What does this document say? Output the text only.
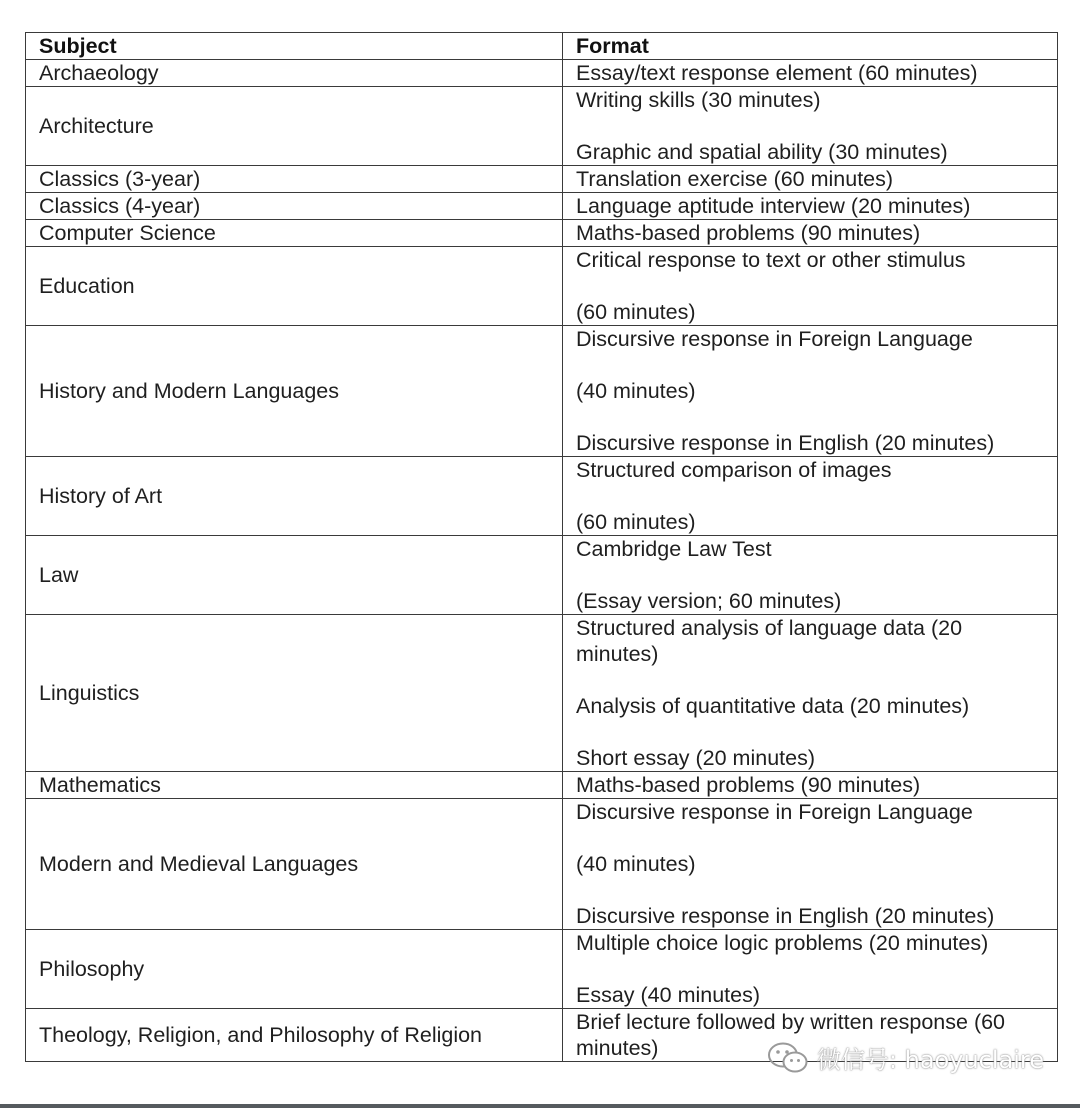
Subject	Format
Archaeology	Essay/text response element (60 minutes)

Architecture	Writing skills (30 minutes)

Graphic and spatial ability (30 minutes)

Classics (3-year)	Translation exercise (60 minutes)

Classics (4-year)	Language aptitude interview (20 minutes)

Computer Science	Maths-based problems (90 minutes)

Education	Critical response to text or other stimulus

(60 minutes)

History and Modern Languages	Discursive response in Foreign Language

(40 minutes)

Discursive response in English (20 minutes)

History of Art	Structured comparison of images

(60 minutes)

Law	Cambridge Law Test

(Essay version; 60 minutes)

Linguistics	Structured analysis of language data (20 minutes)

Analysis of quantitative data (20 minutes)

Short essay (20 minutes)

Mathematics	Maths-based problems (90 minutes)

Modern and Medieval Languages	Discursive response in Foreign Language

(40 minutes)

Discursive response in English (20 minutes)

Philosophy	Multiple choice logic problems (20 minutes)

Essay (40 minutes)

Theology, Religion, and Philosophy of Religion	Brief lecture followed by written response (60 minutes)	微信号: haoyuclaire
